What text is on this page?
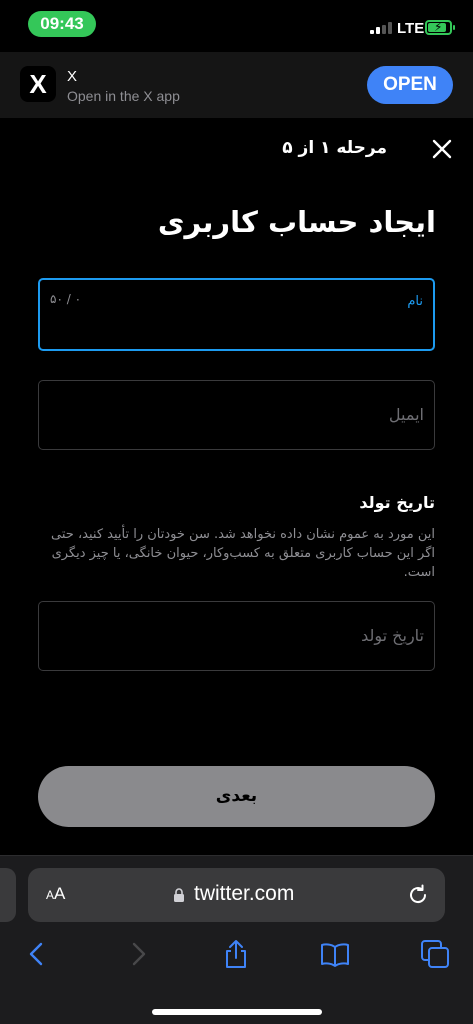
09:43	LTE ⚡
X	X
Open in the X app
OPEN
مرحله ۱ از ۵
ایجاد حساب کاربری
نام
۰ / ۵۰
ایمیل
تاریخ تولد
این مورد به عموم نشان داده نخواهد شد. سن خودتان را تأیید کنید، حتی اگر این حساب کاربری متعلق به کسب‌وکار، حیوان خانگی، یا چیز دیگری است.
تاریخ تولد
بعدی
AA	twitter.com
